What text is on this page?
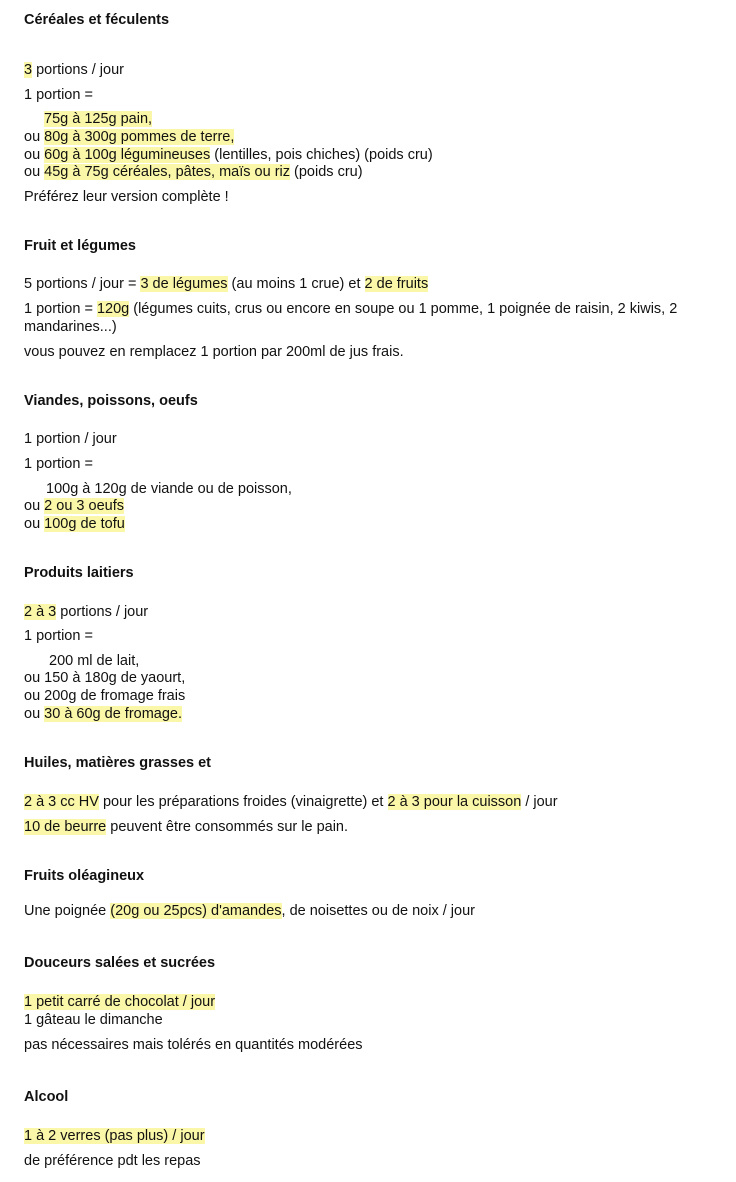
Céréales et féculents
3 portions / jour
1 portion =
75g à 125g pain,
ou 80g à 300g pommes de terre,
ou 60g à 100g légumineuses (lentilles, pois chiches) (poids cru)
ou 45g à 75g céréales, pâtes, maïs ou riz (poids cru)
Préférez leur version complète !
Fruit et légumes
5 portions / jour = 3 de légumes (au moins 1 crue) et 2 de fruits
1 portion = 120g (légumes cuits, crus ou encore en soupe ou 1 pomme, 1 poignée de raisin, 2 kiwis, 2 mandarines...)
vous pouvez en remplacez 1 portion par 200ml de jus frais.
Viandes, poissons, oeufs
1 portion / jour
1 portion =
100g à 120g de viande ou de poisson,
ou 2 ou 3 oeufs
ou 100g de tofu
Produits laitiers
2 à 3 portions / jour
1 portion =
200 ml de lait,
ou 150 à 180g de yaourt,
ou 200g de fromage frais
ou 30 à 60g de fromage.
Huiles, matières grasses et
2 à 3 cc HV pour les préparations froides (vinaigrette) et 2 à 3 pour la cuisson / jour
10 de beurre peuvent être consommés sur le pain.
Fruits oléagineux
Une poignée (20g ou 25pcs) d'amandes, de noisettes ou de noix / jour
Douceurs salées et sucrées
1 petit carré de chocolat / jour
1 gâteau le dimanche
pas nécessaires mais tolérés en quantités modérées
Alcool
1 à 2 verres (pas plus) / jour
de préférence pdt les repas
